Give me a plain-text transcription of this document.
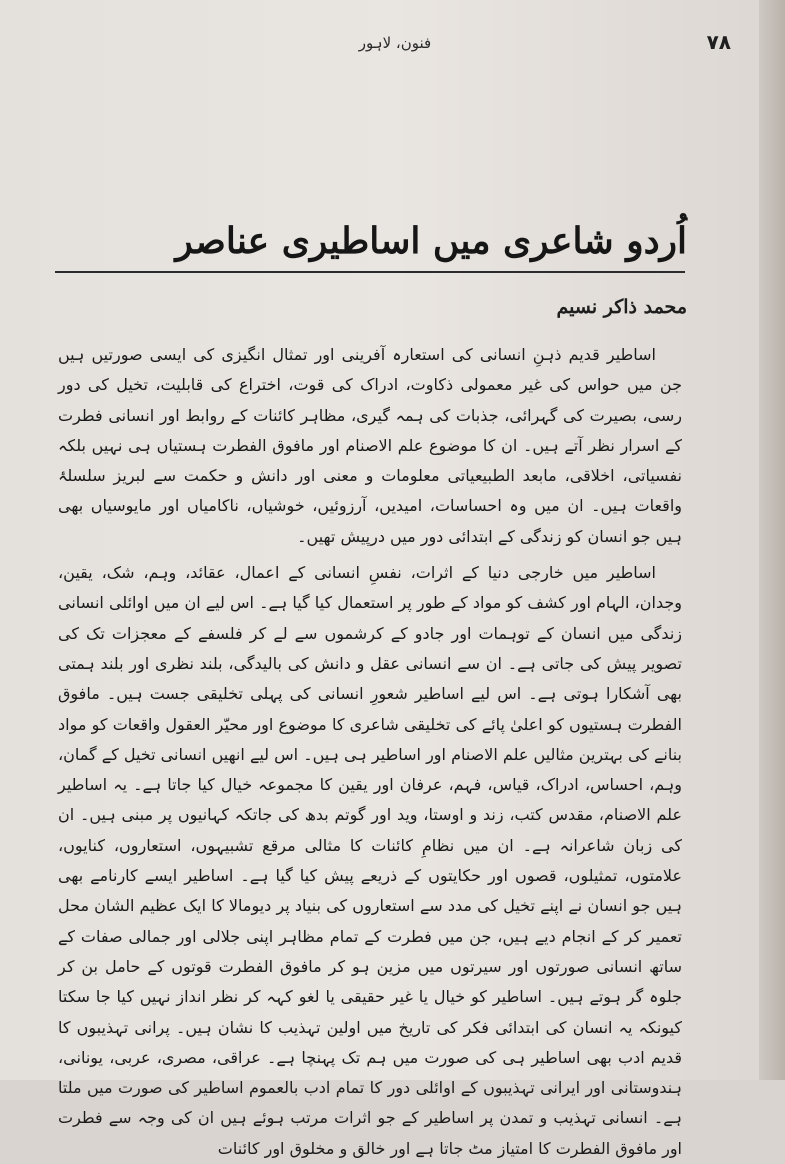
۷۸
فنون، لاہور
اُردو شاعری میں اساطیری عناصر
محمد ذاکر نسیم

اساطیر قدیم ذہنِ انسانی کی استعارہ آفرینی اور تمثال انگیزی کی ایسی صورتیں ہیں جن میں حواس کی غیر معمولی ذکاوت، ادراک کی قوت، اختراع کی قابلیت، تخیل کی دور رسی، بصیرت کی گہرائی، جذبات کی ہمہ گیری، مظاہر کائنات کے روابط اور انسانی فطرت کے اسرار نظر آتے ہیں۔ ان کا موضوع علم الاصنام اور مافوق الفطرت ہستیاں ہی نہیں بلکہ نفسیاتی، اخلاقی، مابعد الطبیعیاتی معلومات و معنی اور دانش و حکمت سے لبریز سلسلۂ واقعات ہیں۔ ان میں وہ احساسات، امیدیں، آرزوئیں، خوشیاں، ناکامیاں اور مایوسیاں بھی ہیں جو انسان کو زندگی کے ابتدائی دور میں درپیش تھیں۔

اساطیر میں خارجی دنیا کے اثرات، نفسِ انسانی کے اعمال، عقائد، وہم، شک، یقین، وجدان، الہام اور کشف کو مواد کے طور پر استعمال کیا گیا ہے۔ اس لیے ان میں اوائلی انسانی زندگی میں انسان کے توہمات اور جادو کے کرشموں سے لے کر فلسفے کے معجزات تک کی تصویر پیش کی جاتی ہے۔ ان سے انسانی عقل و دانش کی بالیدگی، بلند نظری اور بلند ہمتی بھی آشکارا ہوتی ہے۔ اس لیے اساطیر شعورِ انسانی کی پہلی تخلیقی جست ہیں۔ مافوق الفطرت ہستیوں کو اعلیٰ پائے کی تخلیقی شاعری کا موضوع اور محیّر العقول واقعات کو مواد بنانے کی بہترین مثالیں علم الاصنام اور اساطیر ہی ہیں۔ اس لیے انھیں انسانی تخیل کے گمان، وہم، احساس، ادراک، قیاس، فہم، عرفان اور یقین کا مجموعہ خیال کیا جاتا ہے۔ یہ اساطیر علم الاصنام، مقدس کتب، زند و اوستا، وید اور گوتم بدھ کی جاتکہ کہانیوں پر مبنی ہیں۔ ان کی زبان شاعرانہ ہے۔ ان میں نظامِ کائنات کا مثالی مرقع تشبیہوں، استعاروں، کنایوں، علامتوں، تمثیلوں، قصوں اور حکایتوں کے ذریعے پیش کیا گیا ہے۔ اساطیر ایسے کارنامے بھی ہیں جو انسان نے اپنے تخیل کی مدد سے استعاروں کی بنیاد پر دیومالا کا ایک عظیم الشان محل تعمیر کر کے انجام دیے ہیں، جن میں فطرت کے تمام مظاہر اپنی جلالی اور جمالی صفات کے ساتھ انسانی صورتوں اور سیرتوں میں مزین ہو کر مافوق الفطرت قوتوں کے حامل بن کر جلوہ گر ہوتے ہیں۔ اساطیر کو خیال یا غیر حقیقی یا لغو کہہ کر نظر انداز نہیں کیا جا سکتا کیونکہ یہ انسان کی ابتدائی فکر کی تاریخ میں اولین تہذیب کا نشان ہیں۔ پرانی تہذیبوں کا قدیم ادب بھی اساطیر ہی کی صورت میں ہم تک پہنچا ہے۔ عراقی، مصری، عربی، یونانی، ہندوستانی اور ایرانی تہذیبوں کے اوائلی دور کا تمام ادب بالعموم اساطیر کی صورت میں ملتا ہے۔ انسانی تہذیب و تمدن پر اساطیر کے جو اثرات مرتب ہوئے ہیں ان کی وجہ سے فطرت اور مافوق الفطرت کا امتیاز مٹ جاتا ہے اور خالق و مخلوق اور کائنات
